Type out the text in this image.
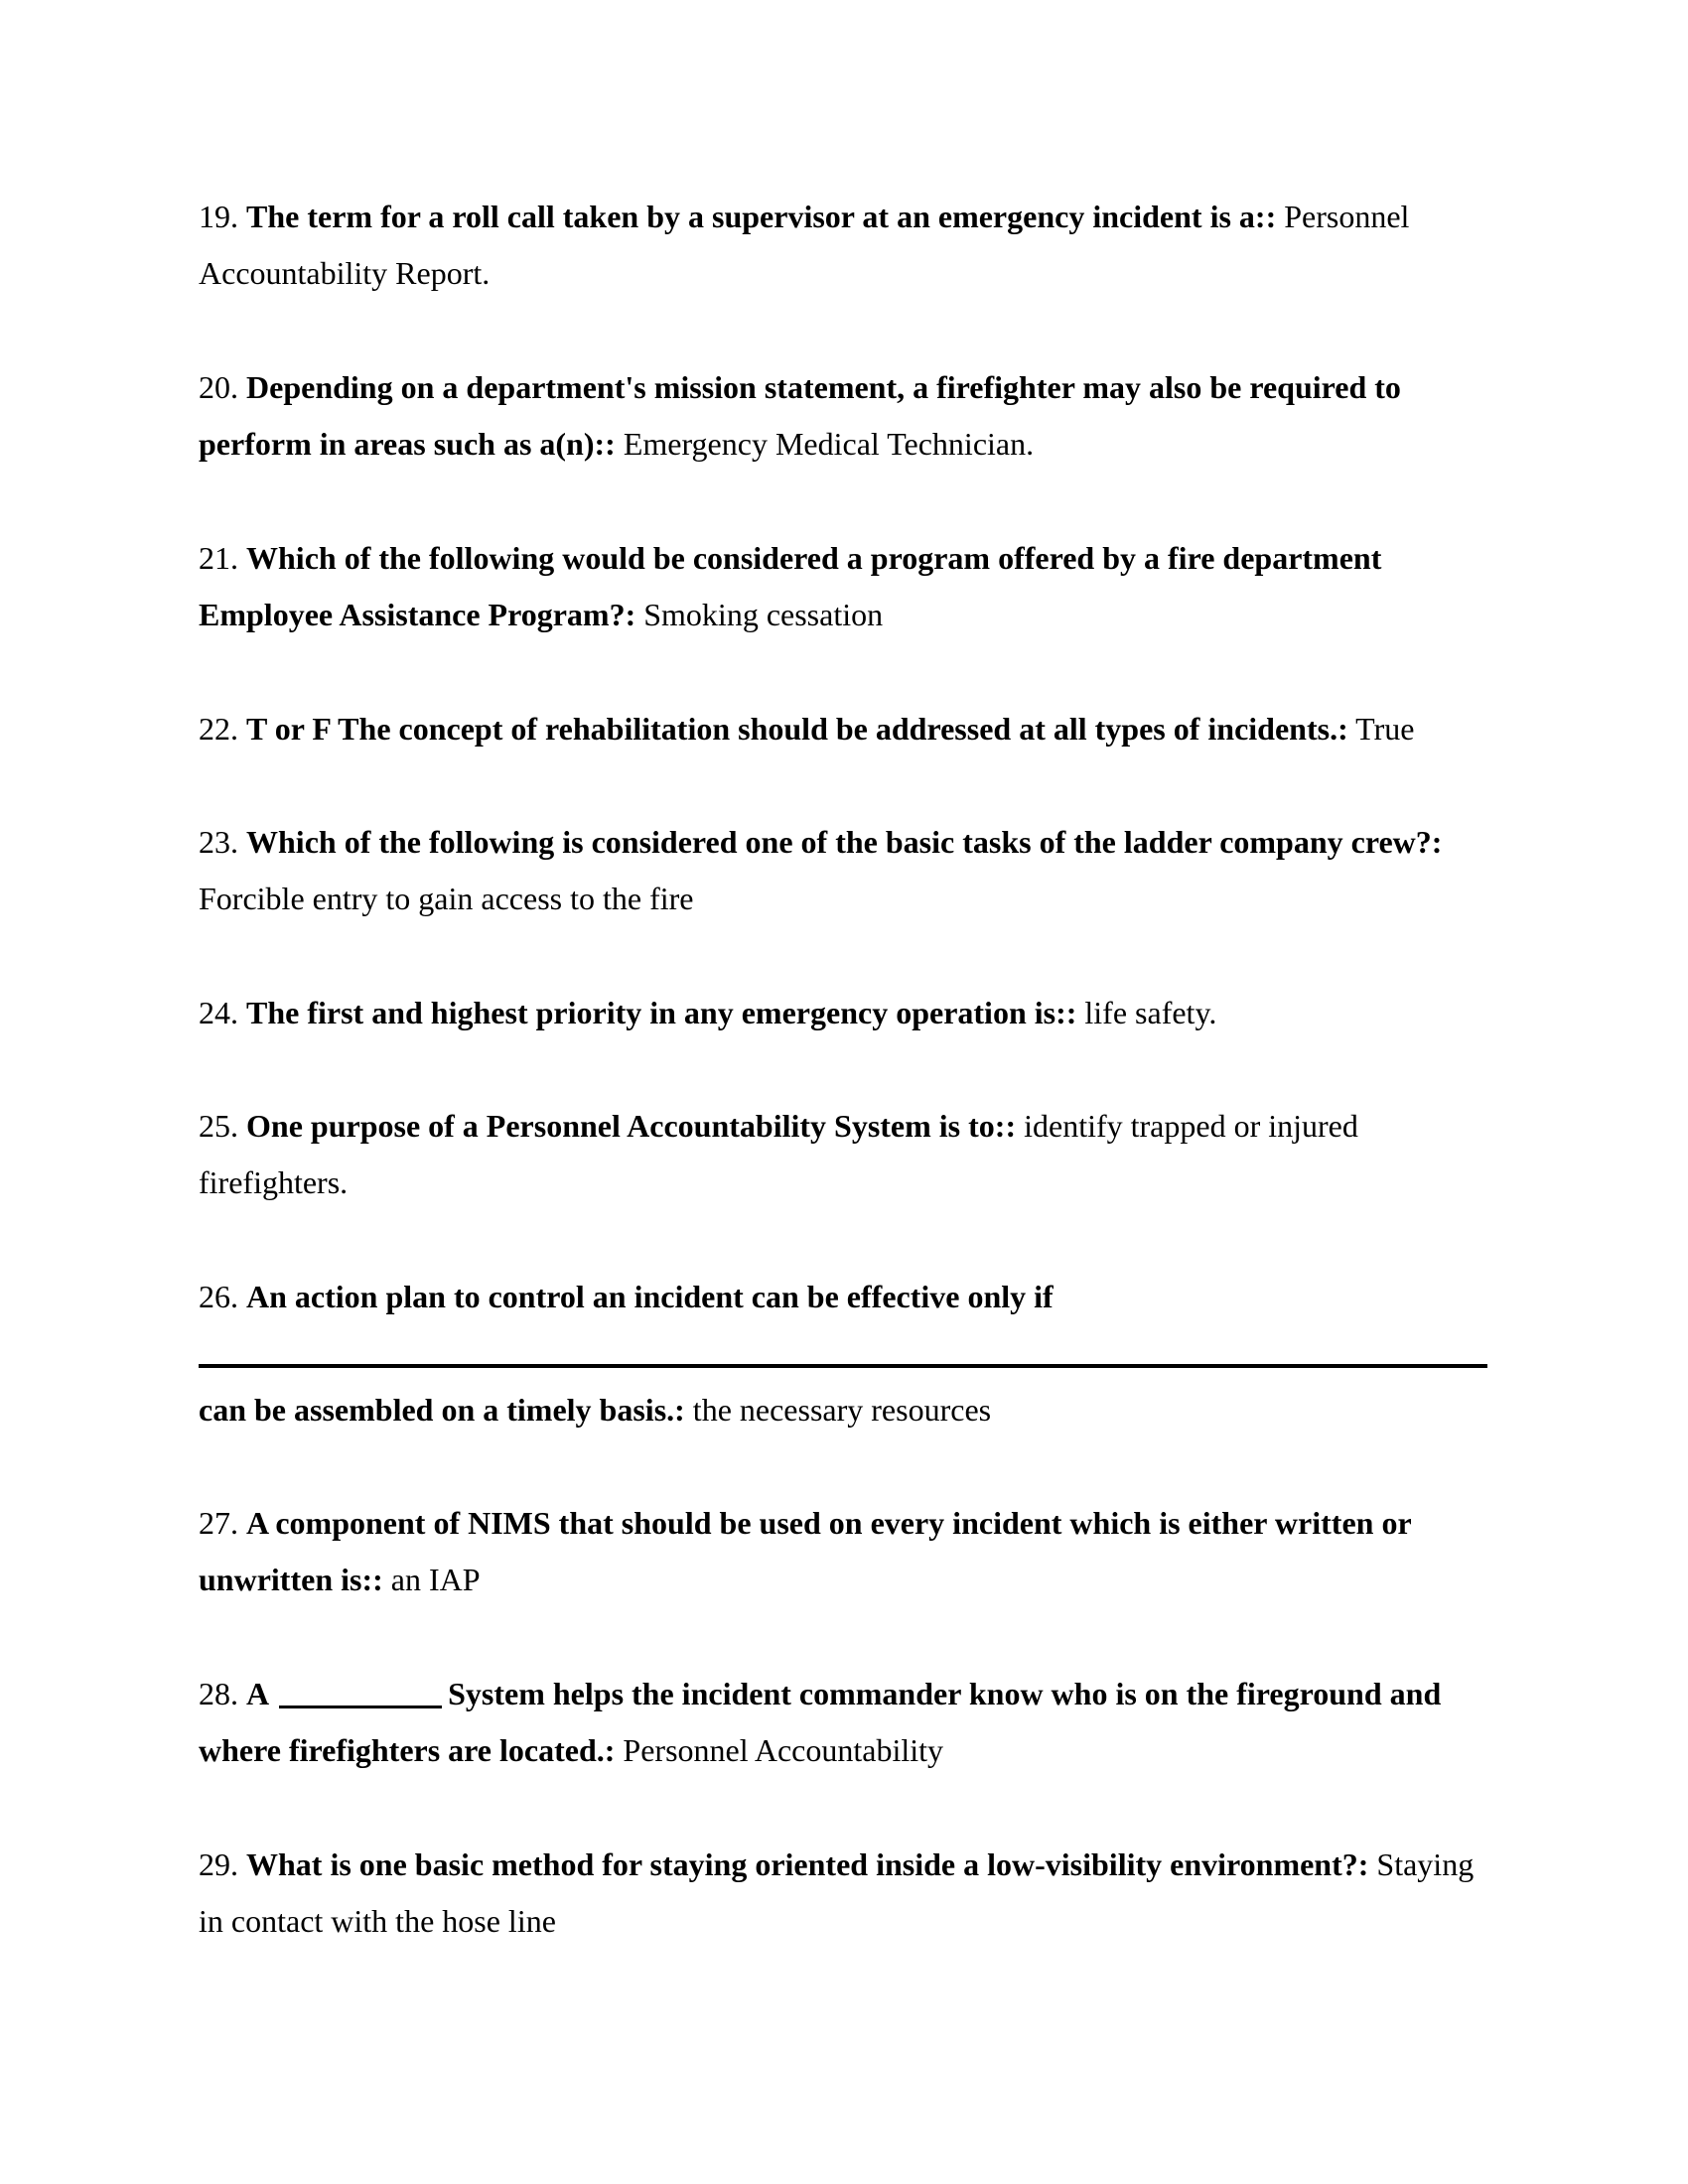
19. The term for a roll call taken by a supervisor at an emergency incident is a:: Personnel Accountability Report.
20. Depending on a department's mission statement, a firefighter may also be required to perform in areas such as a(n):: Emergency Medical Technician.
21. Which of the following would be considered a program offered by a fire department Employee Assistance Program?: Smoking cessation
22. T or F The concept of rehabilitation should be addressed at all types of incidents.: True
23. Which of the following is considered one of the basic tasks of the ladder company crew?: Forcible entry to gain access to the fire
24. The first and highest priority in any emergency operation is:: life safety.
25. One purpose of a Personnel Accountability System is to:: identify trapped or injured firefighters.
26. An action plan to control an incident can be effective only if
can be assembled on a timely basis.: the necessary resources
27. A component of NIMS that should be used on every incident which is either written or unwritten is:: an IAP
28. A	System helps the incident commander know who is on the fireground and where firefighters are located.: Personnel Accountability
29. What is one basic method for staying oriented inside a low-visibility environment?: Staying in contact with the hose line
